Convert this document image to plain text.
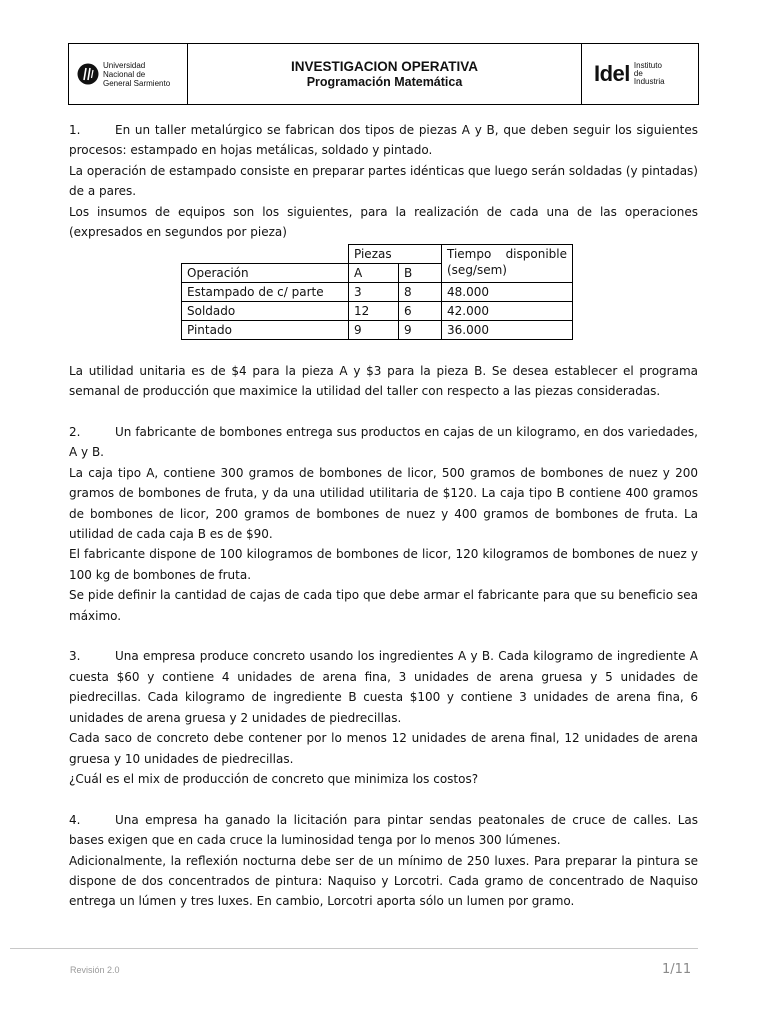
Universidad
Nacional de
General Sarmiento
INVESTIGACION OPERATIVA
Programación Matemática	Idel Instituto
de
Industria

1.	En un taller metalúrgico se fabrican dos tipos de piezas A y B, que deben seguir los siguientes procesos: estampado en hojas metálicas, soldado y pintado.

La operación de estampado consiste en preparar partes idénticas que luego serán soldadas (y pintadas) de a pares.

Los insumos de equipos son los siguientes, para la realización de cada una de las operaciones (expresados en segundos por pieza)

	Piezas		Tiempo disponible
(seg/sem)

Operación	A	B	
Estampado de c/ parte	3	8	48.000
Soldado	12	6	42.000
Pintado	9	9	36.000

La utilidad unitaria es de $4 para la pieza A y $3 para la pieza B. Se desea establecer el programa semanal de producción que maximice la utilidad del taller con respecto a las piezas consideradas.

2.	Un fabricante de bombones entrega sus productos en cajas de un kilogramo, en dos variedades, A y B.

La caja tipo A, contiene 300 gramos de bombones de licor, 500 gramos de bombones de nuez y 200 gramos de bombones de fruta, y da una utilidad utilitaria de $120. La caja tipo B contiene 400 gramos de bombones de licor, 200 gramos de bombones de nuez y 400 gramos de bombones de fruta. La utilidad de cada caja B es de $90.

El fabricante dispone de 100 kilogramos de bombones de licor, 120 kilogramos de bombones de nuez y 100 kg de bombones de fruta.

Se pide definir la cantidad de cajas de cada tipo que debe armar el fabricante para que su beneficio sea máximo.

3.	Una empresa produce concreto usando los ingredientes A y B. Cada kilogramo de ingrediente A cuesta $60 y contiene 4 unidades de arena fina, 3 unidades de arena gruesa y 5 unidades de piedrecillas. Cada kilogramo de ingrediente B cuesta $100 y contiene 3 unidades de arena fina, 6 unidades de arena gruesa y 2 unidades de piedrecillas.

Cada saco de concreto debe contener por lo menos 12 unidades de arena final, 12 unidades de arena gruesa y 10 unidades de piedrecillas.

¿Cuál es el mix de producción de concreto que minimiza los costos?

4.	Una empresa ha ganado la licitación para pintar sendas peatonales de cruce de calles. Las bases exigen que en cada cruce la luminosidad tenga por lo menos 300 lúmenes.

Adicionalmente, la reflexión nocturna debe ser de un mínimo de 250 luxes. Para preparar la pintura se dispone de dos concentrados de pintura: Naquiso y Lorcotri. Cada gramo de concentrado de Naquiso entrega un lúmen y tres luxes. En cambio, Lorcotri aporta sólo un lumen por gramo.

Revisión 2.0	1/11
